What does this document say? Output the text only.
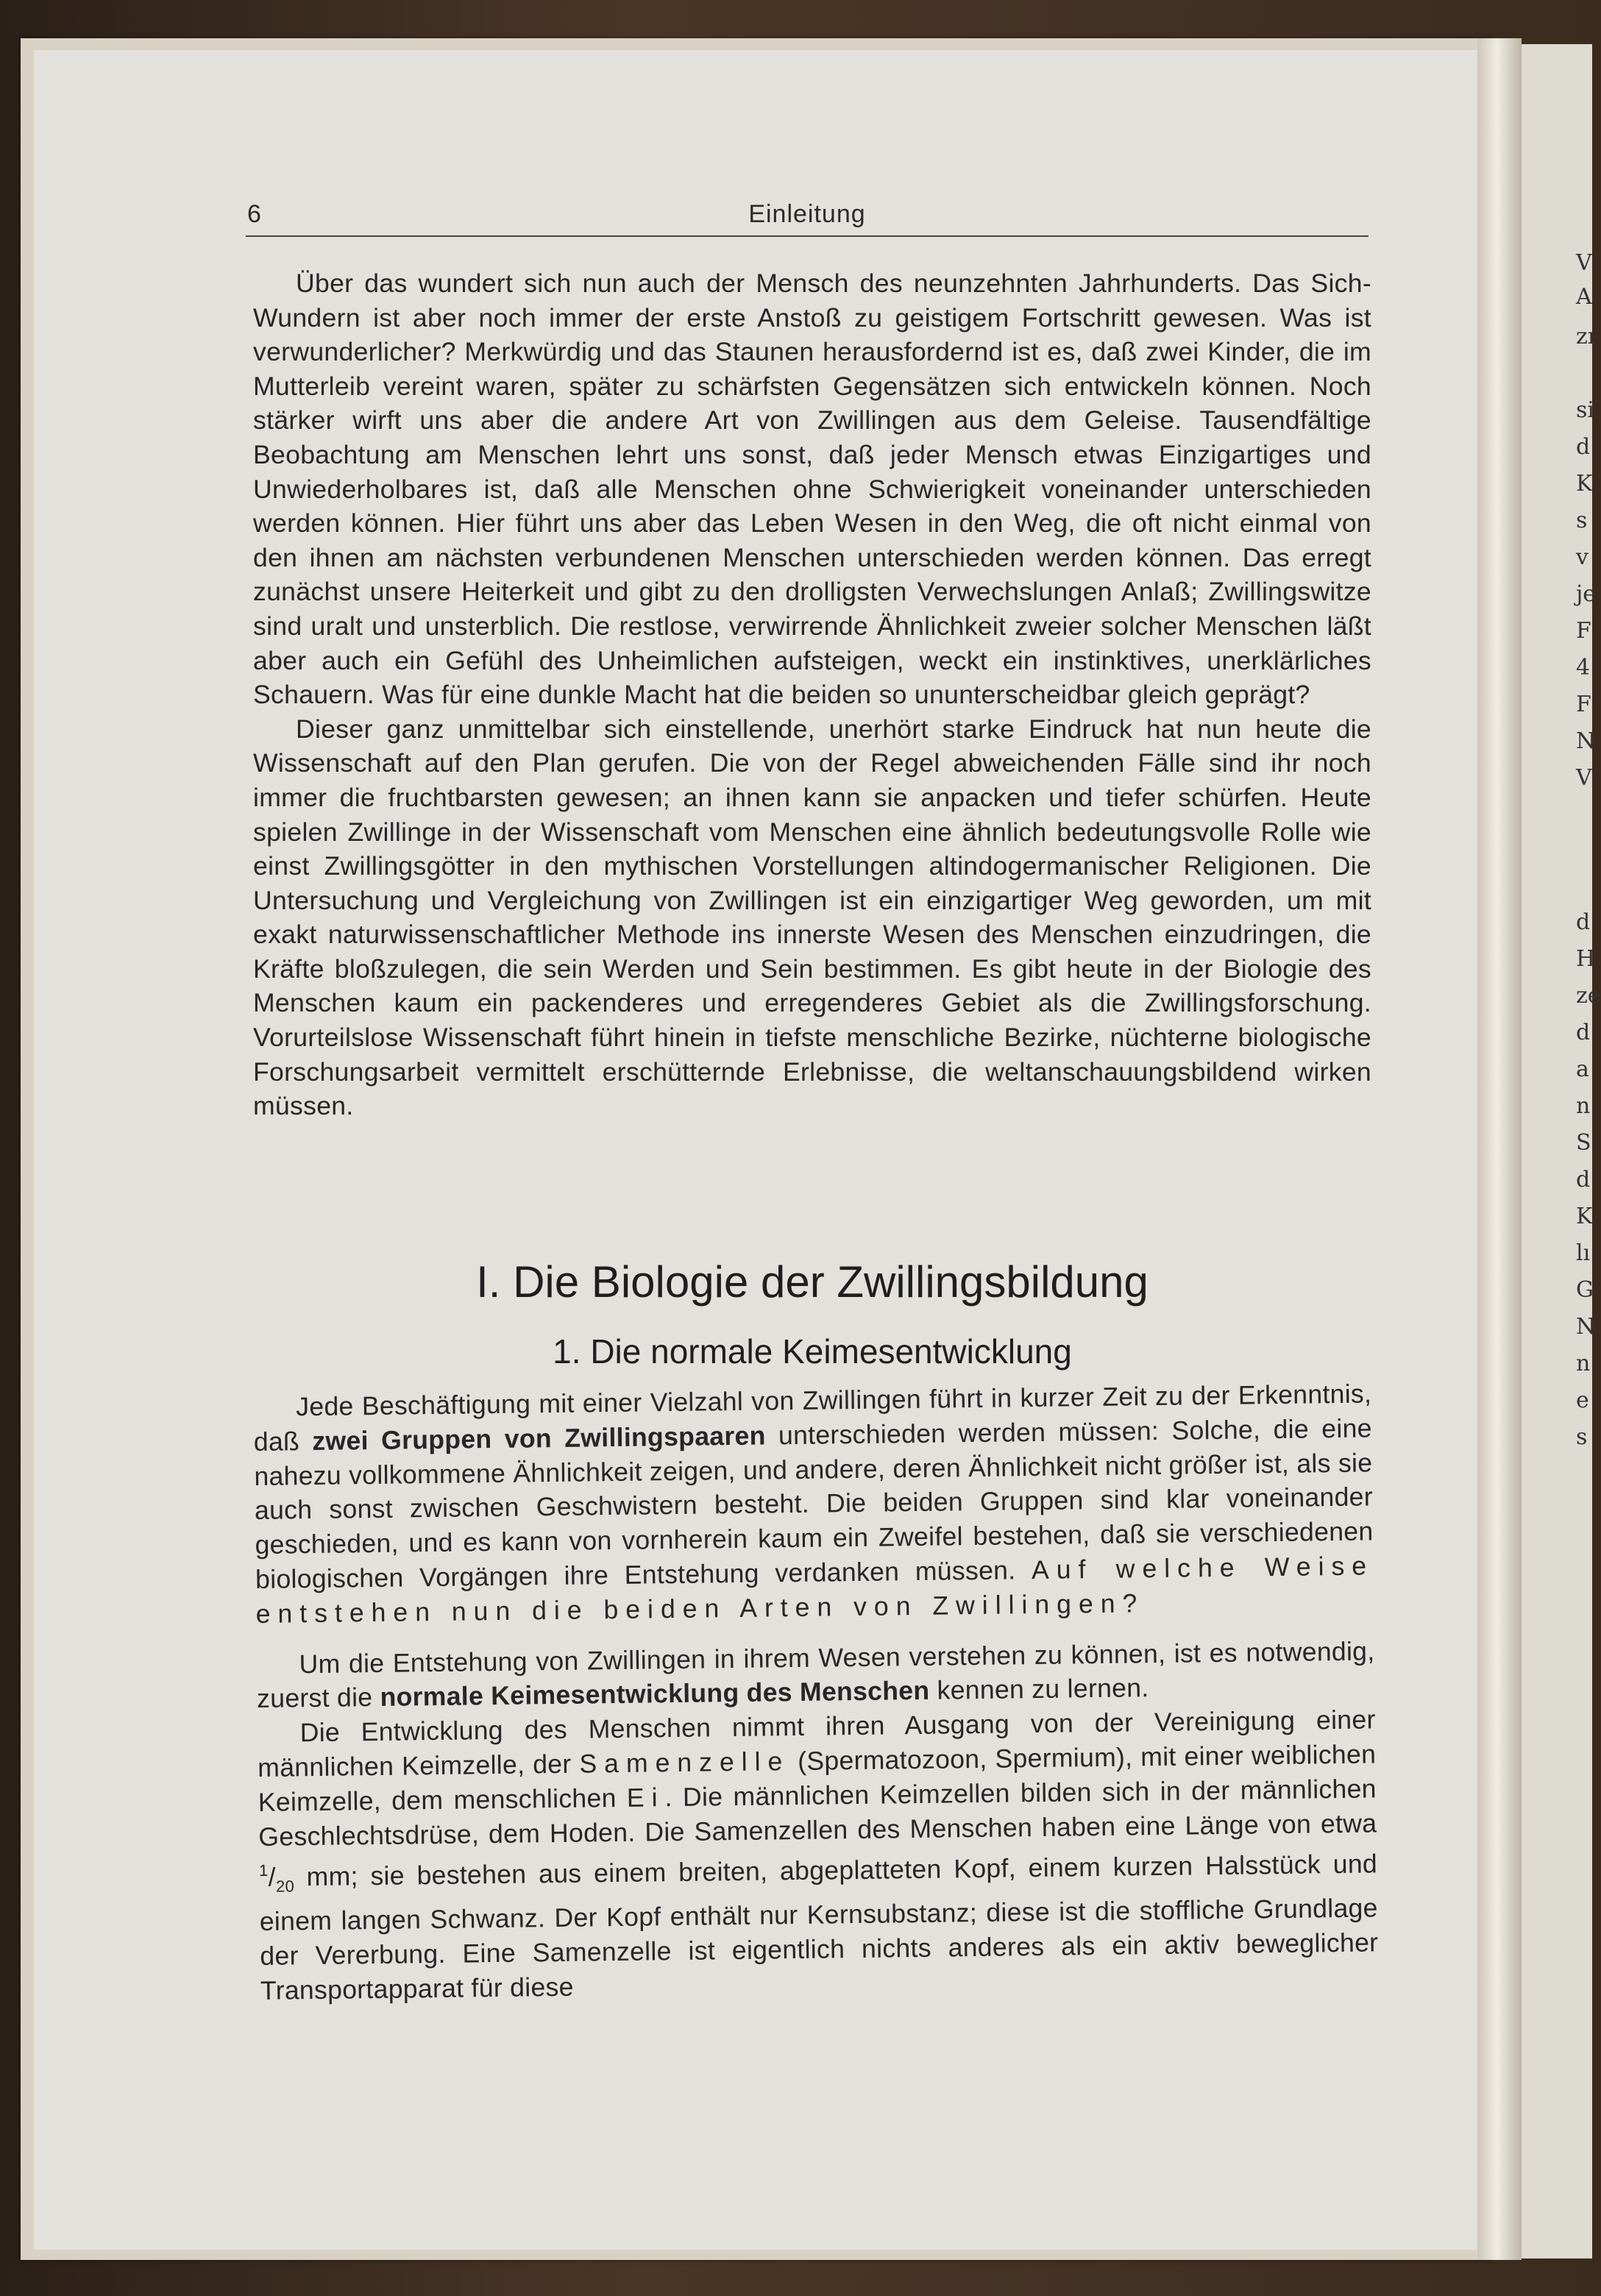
V
A
zı
si
d
K
s
v
je
F
4
F
N
V
d
H
ze
d
a
n
S
d
K
lı
G
N
n
e
s
6	Einleitung

Über das wundert sich nun auch der Mensch des neunzehnten Jahrhunderts. Das Sich-Wundern ist aber noch immer der erste Anstoß zu geistigem Fortschritt gewesen. Was ist verwunderlicher? Merkwürdig und das Staunen herausfordernd ist es, daß zwei Kinder, die im Mutterleib vereint waren, später zu schärfsten Gegensätzen sich entwickeln können. Noch stärker wirft uns aber die andere Art von Zwillingen aus dem Geleise. Tausendfältige Beobachtung am Menschen lehrt uns sonst, daß jeder Mensch etwas Einzigartiges und Unwiederholbares ist, daß alle Menschen ohne Schwierigkeit voneinander unterschieden werden können. Hier führt uns aber das Leben Wesen in den Weg, die oft nicht einmal von den ihnen am nächsten verbundenen Menschen unterschieden werden können. Das erregt zunächst unsere Heiterkeit und gibt zu den drolligsten Verwechslungen Anlaß; Zwillingswitze sind uralt und unsterblich. Die restlose, verwirrende Ähnlichkeit zweier solcher Menschen läßt aber auch ein Gefühl des Unheimlichen aufsteigen, weckt ein instinktives, unerklärliches Schauern. Was für eine dunkle Macht hat die beiden so ununterscheidbar gleich geprägt?

Dieser ganz unmittelbar sich einstellende, unerhört starke Eindruck hat nun heute die Wissenschaft auf den Plan gerufen. Die von der Regel abweichenden Fälle sind ihr noch immer die fruchtbarsten gewesen; an ihnen kann sie anpacken und tiefer schürfen. Heute spielen Zwillinge in der Wissenschaft vom Menschen eine ähnlich bedeutungsvolle Rolle wie einst Zwillingsgötter in den mythischen Vorstellungen altindogermanischer Religionen. Die Untersuchung und Vergleichung von Zwillingen ist ein einzigartiger Weg geworden, um mit exakt naturwissenschaftlicher Methode ins innerste Wesen des Menschen einzudringen, die Kräfte bloßzulegen, die sein Werden und Sein bestimmen. Es gibt heute in der Biologie des Menschen kaum ein packenderes und erregenderes Gebiet als die Zwillingsforschung. Vorurteilslose Wissenschaft führt hinein in tiefste menschliche Bezirke, nüchterne biologische Forschungsarbeit vermittelt erschütternde Erlebnisse, die weltanschauungsbildend wirken müssen.

I. Die Biologie der Zwillingsbildung
1. Die normale Keimesentwicklung

Jede Beschäftigung mit einer Vielzahl von Zwillingen führt in kurzer Zeit zu der Erkenntnis, daß zwei Gruppen von Zwillingspaaren unterschieden werden müssen: Solche, die eine nahezu vollkommene Ähnlichkeit zeigen, und andere, deren Ähnlichkeit nicht größer ist, als sie auch sonst zwischen Geschwistern besteht. Die beiden Gruppen sind klar voneinander geschieden, und es kann von vornherein kaum ein Zweifel bestehen, daß sie verschiedenen biologischen Vorgängen ihre Entstehung verdanken müssen. Auf welche Weise entstehen nun die beiden Arten von Zwillingen?

Um die Entstehung von Zwillingen in ihrem Wesen verstehen zu können, ist es notwendig, zuerst die normale Keimesentwicklung des Menschen kennen zu lernen.

Die Entwicklung des Menschen nimmt ihren Ausgang von der Vereinigung einer männlichen Keimzelle, der Samenzelle (Spermatozoon, Spermium), mit einer weiblichen Keimzelle, dem menschlichen Ei. Die männlichen Keimzellen bilden sich in der männlichen Geschlechtsdrüse, dem Hoden. Die Samenzellen des Menschen haben eine Länge von etwa $^1/_{20}$ mm; sie bestehen aus einem breiten, abgeplatteten Kopf, einem kurzen Halsstück und einem langen Schwanz. Der Kopf enthält nur Kernsubstanz; diese ist die stoffliche Grundlage der Vererbung. Eine Samenzelle ist eigentlich nichts anderes als ein aktiv beweglicher Transportapparat für diese
